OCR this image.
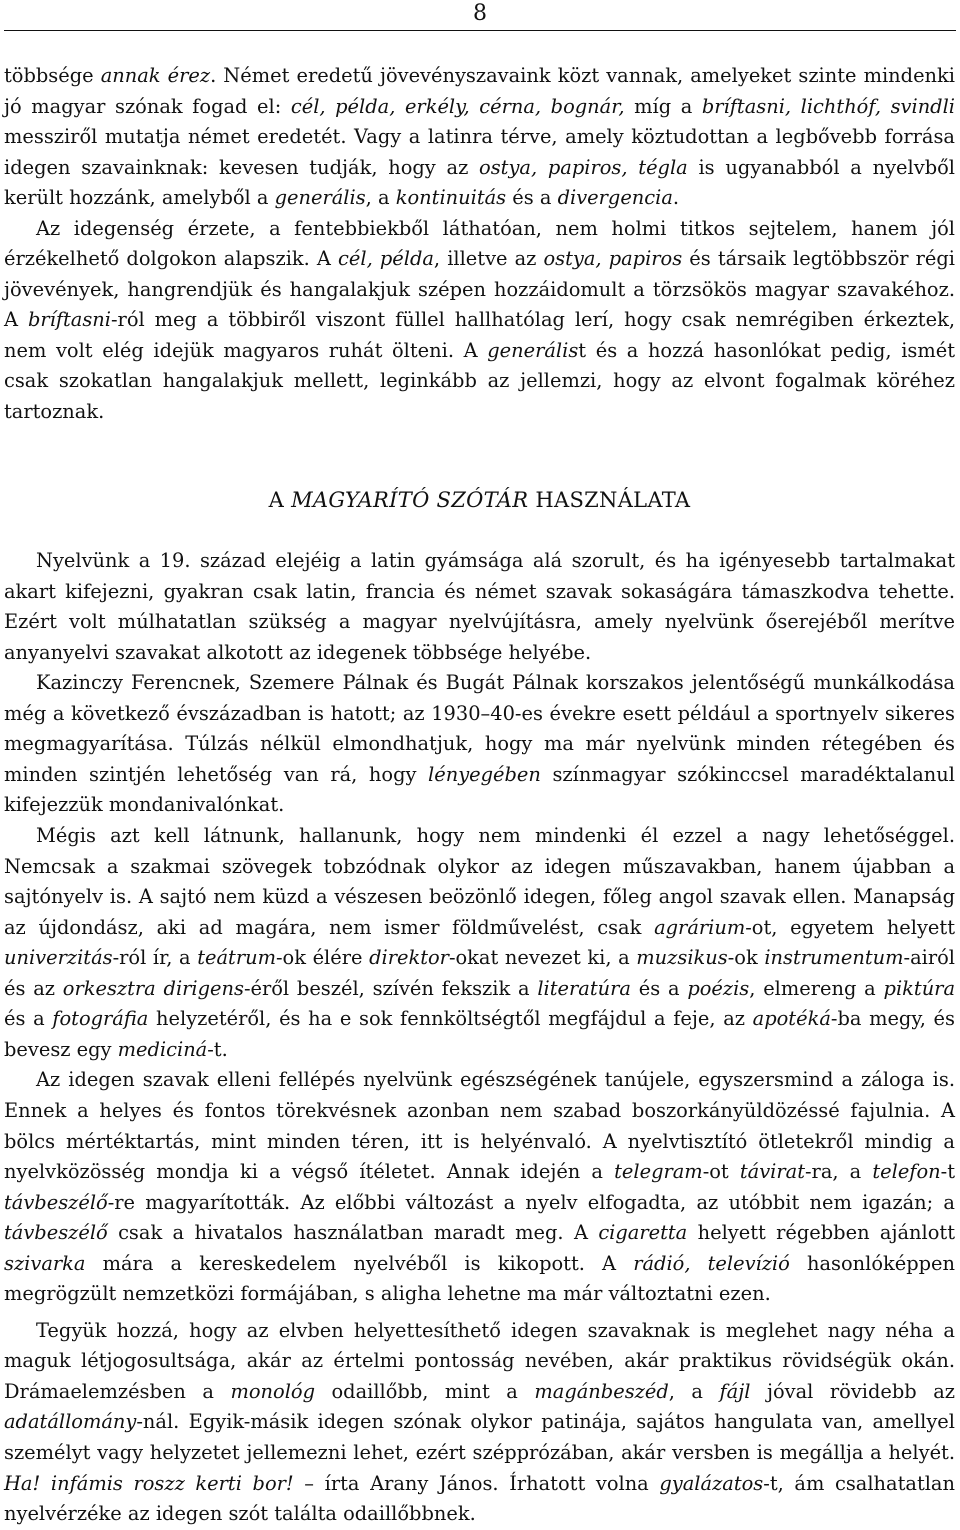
8

többsége annak érez. Német eredetű jövevényszavaink közt vannak, amelyeket szinte mindenki jó magyar szónak fogad el: cél, példa, erkély, cérna, bognár, míg a bríftasni, lichthóf, svindli messziről mutatja német eredetét. Vagy a latinra térve, amely köztudottan a legbővebb forrása idegen szavainknak: kevesen tudják, hogy az ostya, papiros, tégla is ugyanabból a nyelvből került hozzánk, amelyből a generális, a kontinuitás és a divergencia.

Az idegenség érzete, a fentebbiekből láthatóan, nem holmi titkos sejtelem, hanem jól érzékelhető dolgokon alapszik. A cél, példa, illetve az ostya, papiros és társaik legtöbbször régi jövevények, hangrendjük és hangalakjuk szépen hozzáidomult a törzsökös magyar szavakéhoz. A bríftasni-ról meg a többiről viszont füllel hallhatólag lerí, hogy csak nemrégiben érkeztek, nem volt elég idejük magyaros ruhát ölteni. A generálist és a hozzá hasonlókat pedig, ismét csak szokatlan hangalakjuk mellett, leginkább az jellemzi, hogy az elvont fogalmak köréhez tartoznak.

A MAGYARÍTÓ SZÓTÁR HASZNÁLATA

Nyelvünk a 19. század elejéig a latin gyámsága alá szorult, és ha igényesebb tartalmakat akart kifejezni, gyakran csak latin, francia és német szavak sokaságára támaszkodva tehette. Ezért volt múlhatatlan szükség a magyar nyelvújításra, amely nyelvünk őserejéből merítve anyanyelvi szavakat alkotott az idegenek többsége helyébe.

Kazinczy Ferencnek, Szemere Pálnak és Bugát Pálnak korszakos jelentőségű munkálkodása még a következő évszázadban is hatott; az 1930–40-es évekre esett például a sportnyelv sikeres megmagyarítása. Túlzás nélkül elmondhatjuk, hogy ma már nyelvünk minden rétegében és minden szintjén lehetőség van rá, hogy lényegében színmagyar szókinccsel maradéktalanul kifejezzük mondanivalónkat.

Mégis azt kell látnunk, hallanunk, hogy nem mindenki él ezzel a nagy lehetőséggel. Nemcsak a szakmai szövegek tobzódnak olykor az idegen műszavakban, hanem újabban a sajtónyelv is. A sajtó nem küzd a vészesen beözönlő idegen, főleg angol szavak ellen. Manapság az újdondász, aki ad magára, nem ismer földművelést, csak agrárium-ot, egyetem helyett univerzitás-ról ír, a teátrum-ok élére direktor-okat nevezet ki, a muzsikus-ok instrumentum-airól és az orkesztra dirigens-éről beszél, szívén fekszik a literatúra és a poézis, elmereng a piktúra és a fotográfia helyzetéről, és ha e sok fennköltségtől megfájdul a feje, az apotéká-ba megy, és bevesz egy mediciná-t.

Az idegen szavak elleni fellépés nyelvünk egészségének tanújele, egyszersmind a záloga is. Ennek a helyes és fontos törekvésnek azonban nem szabad boszorkányüldözéssé fajulnia. A bölcs mértéktartás, mint minden téren, itt is helyénvaló. A nyelvtisztító ötletekről mindig a nyelvközösség mondja ki a végső ítéletet. Annak idején a telegram-ot távirat-ra, a telefon-t távbeszélő-re magyarították. Az előbbi változást a nyelv elfogadta, az utóbbit nem igazán; a távbeszélő csak a hivatalos használatban maradt meg. A cigaretta helyett régebben ajánlott szivarka mára a kereskedelem nyelvéből is kikopott. A rádió, televízió hasonlóképpen megrögzült nemzetközi formájában, s aligha lehetne ma már változtatni ezen.

Tegyük hozzá, hogy az elvben helyettesíthető idegen szavaknak is meglehet nagy néha a maguk létjogosultsága, akár az értelmi pontosság nevében, akár praktikus rövidségük okán. Drámaelemzésben a monológ odaillőbb, mint a magánbeszéd, a fájl jóval rövidebb az adatállomány-nál. Egyik-másik idegen szónak olykor patinája, sajátos hangulata van, amellyel személyt vagy helyzetet jellemezni lehet, ezért szépprózában, akár versben is megállja a helyét. Ha! infámis roszz kerti bor! – írta Arany János. Írhatott volna gyalázatos-t, ám csalhatatlan nyelvérzéke az idegen szót találta odaillőbbnek.
